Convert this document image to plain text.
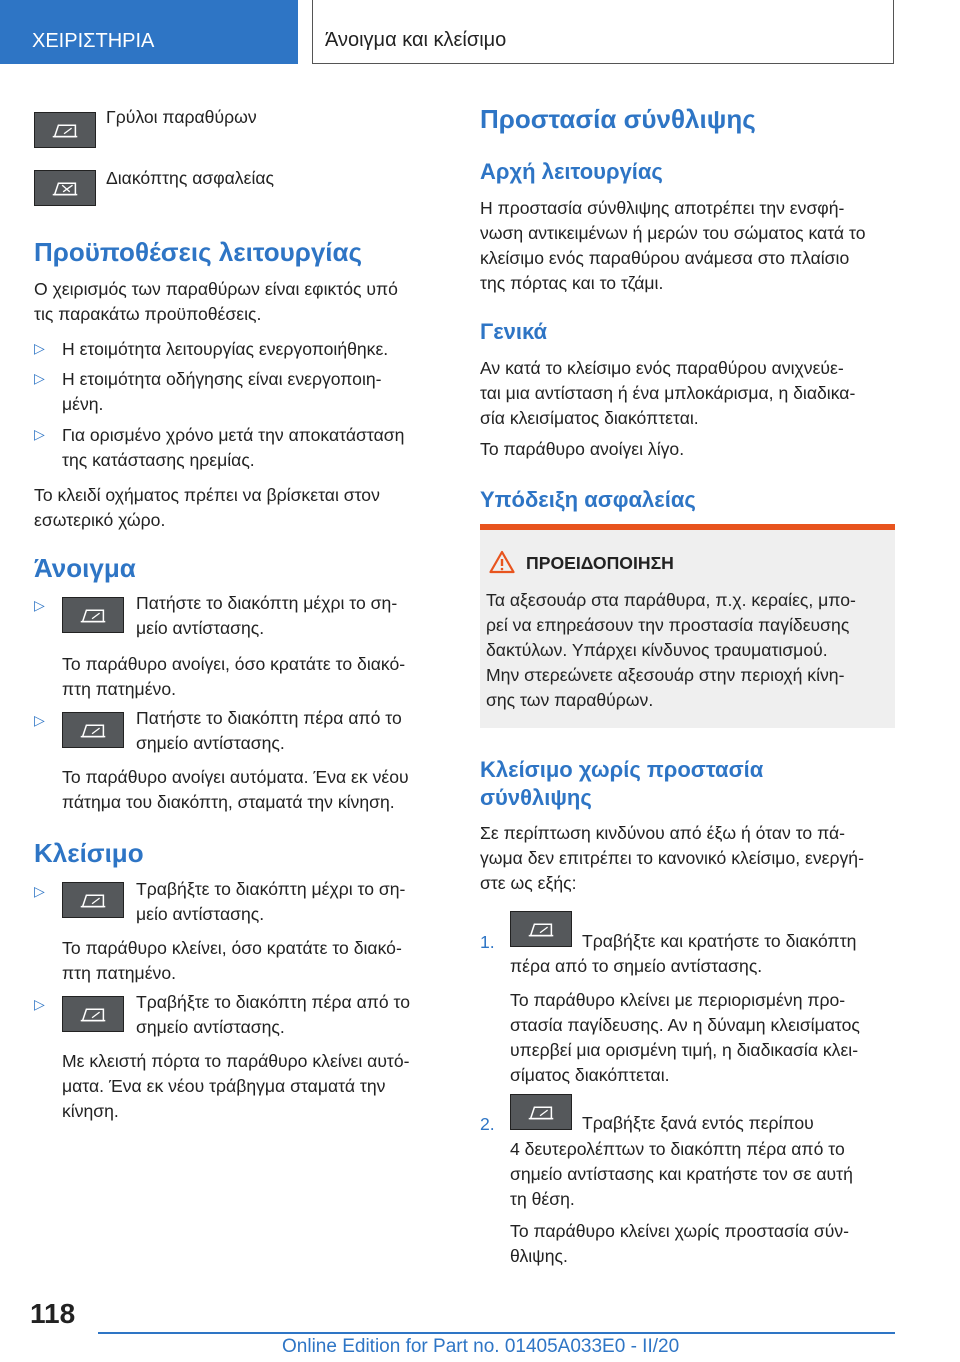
ΧΕΙΡΙΣΤΗΡΙΑ	Άνοιγμα και κλείσιμο

Γρύλοι παραθύρων

Διακόπτης ασφαλείας

Προϋποθέσεις λειτουργίας

Ο χειρισμός των παραθύρων είναι εφικτός υπό

τις παρακάτω προϋποθέσεις.

▷ Η ετοιμότητα λειτουργίας ενεργοποιήθηκε.

▷ Η ετοιμότητα οδήγησης είναι ενεργοποιη-

μένη.

▷ Για ορισμένο χρόνο μετά την αποκατάσταση

της κατάστασης ηρεμίας.

Το κλειδί οχήματος πρέπει να βρίσκεται στον

εσωτερικό χώρο.

Άνοιγμα
▷	Πατήστε το διακόπτη μέχρι το ση-

μείο αντίστασης.

Το παράθυρο ανοίγει, όσο κρατάτε το διακό-

πτη πατημένο.

▷	Πατήστε το διακόπτη πέρα από το

σημείο αντίστασης.

Το παράθυρο ανοίγει αυτόματα. Ένα εκ νέου

πάτημα του διακόπτη, σταματά την κίνηση.

Κλείσιμο
▷	Τραβήξτε το διακόπτη μέχρι το ση-

μείο αντίστασης.

Το παράθυρο κλείνει, όσο κρατάτε το διακό-

πτη πατημένο.

▷	Τραβήξτε το διακόπτη πέρα από το

σημείο αντίστασης.

Με κλειστή πόρτα το παράθυρο κλείνει αυτό-

ματα. Ένα εκ νέου τράβηγμα σταματά την

κίνηση.

Προστασία σύνθλιψης
Αρχή λειτουργίας

Η προστασία σύνθλιψης αποτρέπει την ενσφή-

νωση αντικειμένων ή μερών του σώματος κατά το

κλείσιμο ενός παραθύρου ανάμεσα στο πλαίσιο

της πόρτας και το τζάμι.

Γενικά

Αν κατά το κλείσιμο ενός παραθύρου ανιχνεύε-

ται μια αντίσταση ή ένα μπλοκάρισμα, η διαδικα-

σία κλεισίματος διακόπτεται.

Το παράθυρο ανοίγει λίγο.

Υπόδειξη ασφαλείας
ΠΡΟΕΙΔΟΠΟΙΗΣΗ

Τα αξεσουάρ στα παράθυρα, π.χ. κεραίες, μπο-

ρεί να επηρεάσουν την προστασία παγίδευσης

δακτύλων. Υπάρχει κίνδυνος τραυματισμού.

Μην στερεώνετε αξεσουάρ στην περιοχή κίνη-

σης των παραθύρων.

Κλείσιμο χωρίς προστασία
σύνθλιψης

Σε περίπτωση κινδύνου από έξω ή όταν το πά-

γωμα δεν επιτρέπει το κανονικό κλείσιμο, ενεργή-

στε ως εξής:

1.	Τραβήξτε και κρατήστε το διακόπτη

πέρα από το σημείο αντίστασης.

Το παράθυρο κλείνει με περιορισμένη προ-

στασία παγίδευσης. Αν η δύναμη κλεισίματος

υπερβεί μια ορισμένη τιμή, η διαδικασία κλει-

σίματος διακόπτεται.

2.	Τραβήξτε ξανά εντός περίπου

4 δευτερολέπτων το διακόπτη πέρα από το

σημείο αντίστασης και κρατήστε τον σε αυτή

τη θέση.

Το παράθυρο κλείνει χωρίς προστασία σύν-

θλιψης.

118
Online Edition for Part no. 01405A033E0 - II/20
